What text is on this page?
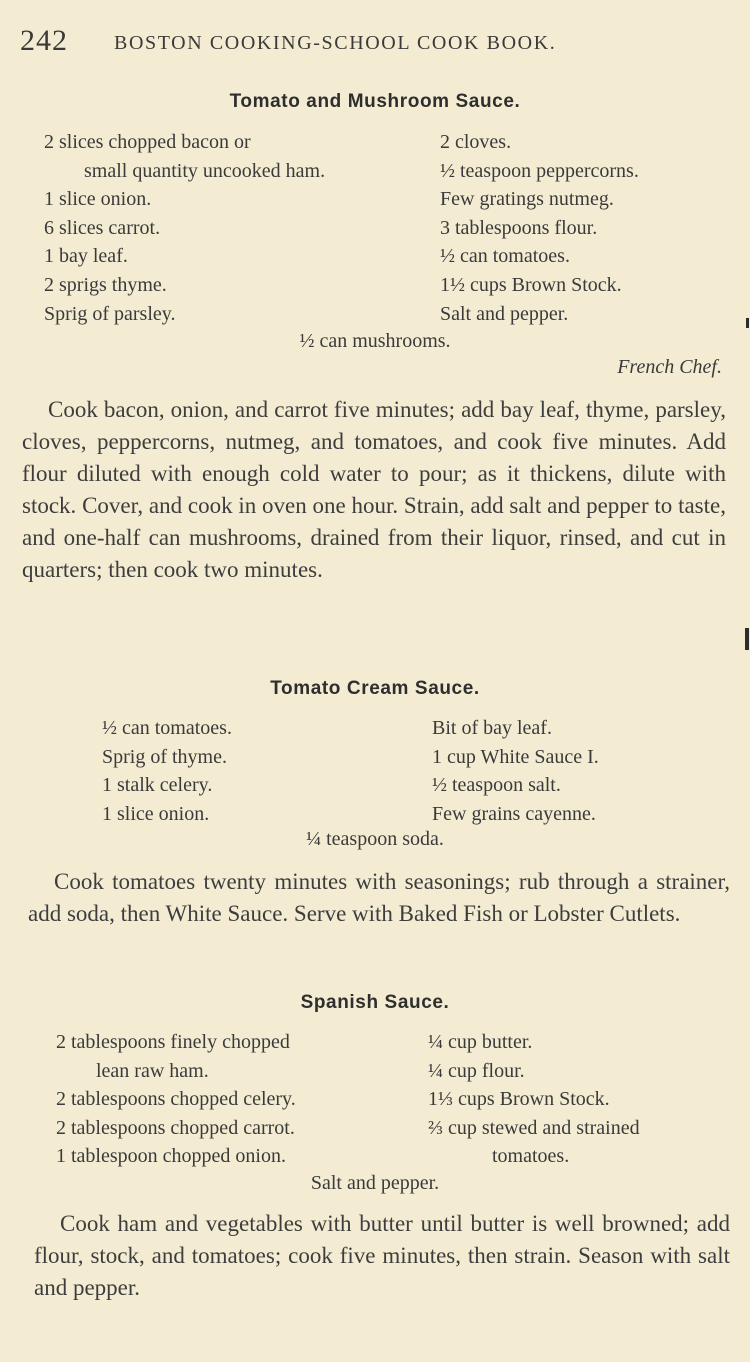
242 BOSTON COOKING-SCHOOL COOK BOOK.
Tomato and Mushroom Sauce.
2 slices chopped bacon or
small quantity uncooked ham.
1 slice onion.
6 slices carrot.
1 bay leaf.
2 sprigs thyme.
Sprig of parsley.
2 cloves.
½ teaspoon peppercorns.
Few gratings nutmeg.
3 tablespoons flour.
½ can tomatoes.
1½ cups Brown Stock.
Salt and pepper.
½ can mushrooms.
French Chef.
Cook bacon, onion, and carrot five minutes; add bay leaf, thyme, parsley, cloves, peppercorns, nutmeg, and tomatoes, and cook five minutes. Add flour diluted with enough cold water to pour; as it thickens, dilute with stock. Cover, and cook in oven one hour. Strain, add salt and pepper to taste, and one-half can mushrooms, drained from their liquor, rinsed, and cut in quarters; then cook two minutes.
Tomato Cream Sauce.
½ can tomatoes.
Sprig of thyme.
1 stalk celery.
1 slice onion.
Bit of bay leaf.
1 cup White Sauce I.
½ teaspoon salt.
Few grains cayenne.
¼ teaspoon soda.
Cook tomatoes twenty minutes with seasonings; rub through a strainer, add soda, then White Sauce. Serve with Baked Fish or Lobster Cutlets.
Spanish Sauce.
2 tablespoons finely chopped
lean raw ham.
2 tablespoons chopped celery.
2 tablespoons chopped carrot.
1 tablespoon chopped onion.
¼ cup butter.
¼ cup flour.
1⅓ cups Brown Stock.
⅔ cup stewed and strained
tomatoes.
Salt and pepper.
Cook ham and vegetables with butter until butter is well browned; add flour, stock, and tomatoes; cook five minutes, then strain. Season with salt and pepper.
